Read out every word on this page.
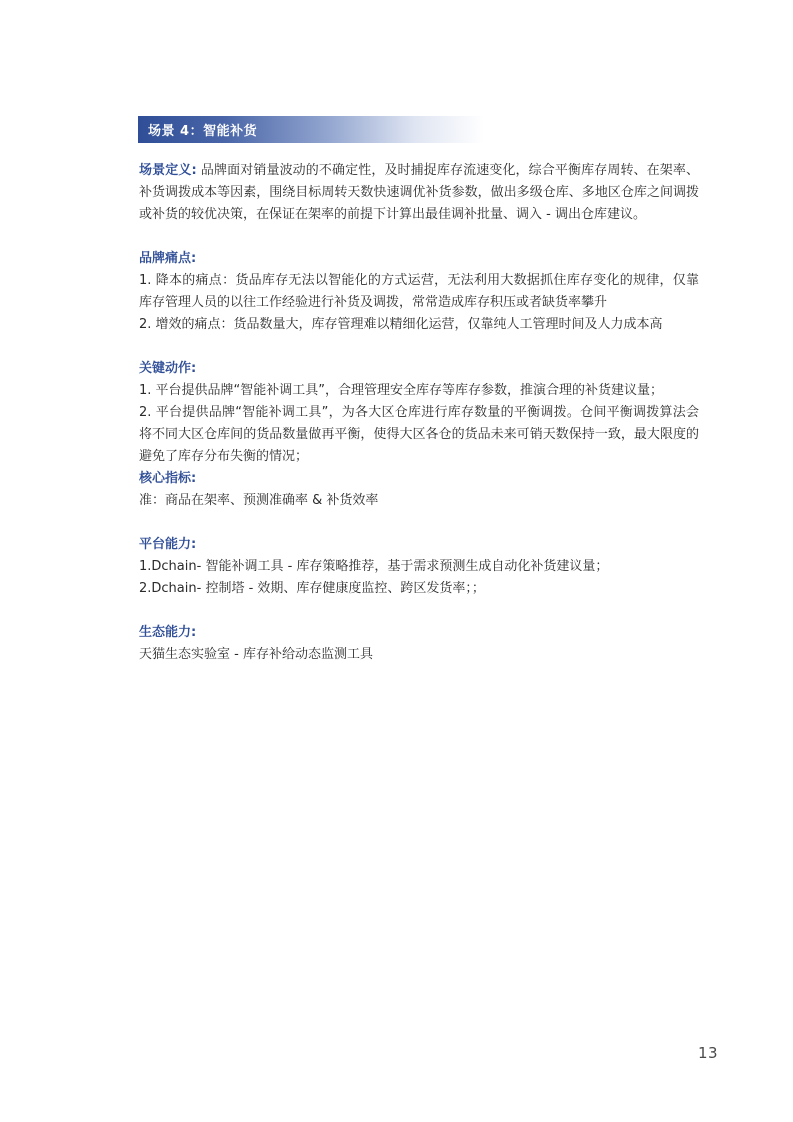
场景 4：智能补货

场景定义: 品牌面对销量波动的不确定性，及时捕捉库存流速变化，综合平衡库存周转、在架率、补货调拨成本等因素，围绕目标周转天数快速调优补货参数，做出多级仓库、多地区仓库之间调拨或补货的较优决策，在保证在架率的前提下计算出最佳调补批量、调入 - 调出仓库建议。

品牌痛点:

1. 降本的痛点：货品库存无法以智能化的方式运营，无法利用大数据抓住库存变化的规律，仅靠库存管理人员的以往工作经验进行补货及调拨，常常造成库存积压或者缺货率攀升

2. 增效的痛点：货品数量大，库存管理难以精细化运营，仅靠纯人工管理时间及人力成本高

关键动作:

1. 平台提供品牌“智能补调工具”，合理管理安全库存等库存参数，推演合理的补货建议量；

2. 平台提供品牌“智能补调工具”，为各大区仓库进行库存数量的平衡调拨。仓间平衡调拨算法会将不同大区仓库间的货品数量做再平衡，使得大区各仓的货品未来可销天数保持一致，最大限度的避免了库存分布失衡的情况；

核心指标:

准：商品在架率、预测准确率 & 补货效率

平台能力:

1.Dchain- 智能补调工具 - 库存策略推荐，基于需求预测生成自动化补货建议量；

2.Dchain- 控制塔 - 效期、库存健康度监控、跨区发货率；；

生态能力:

天猫生态实验室 - 库存补给动态监测工具

13
